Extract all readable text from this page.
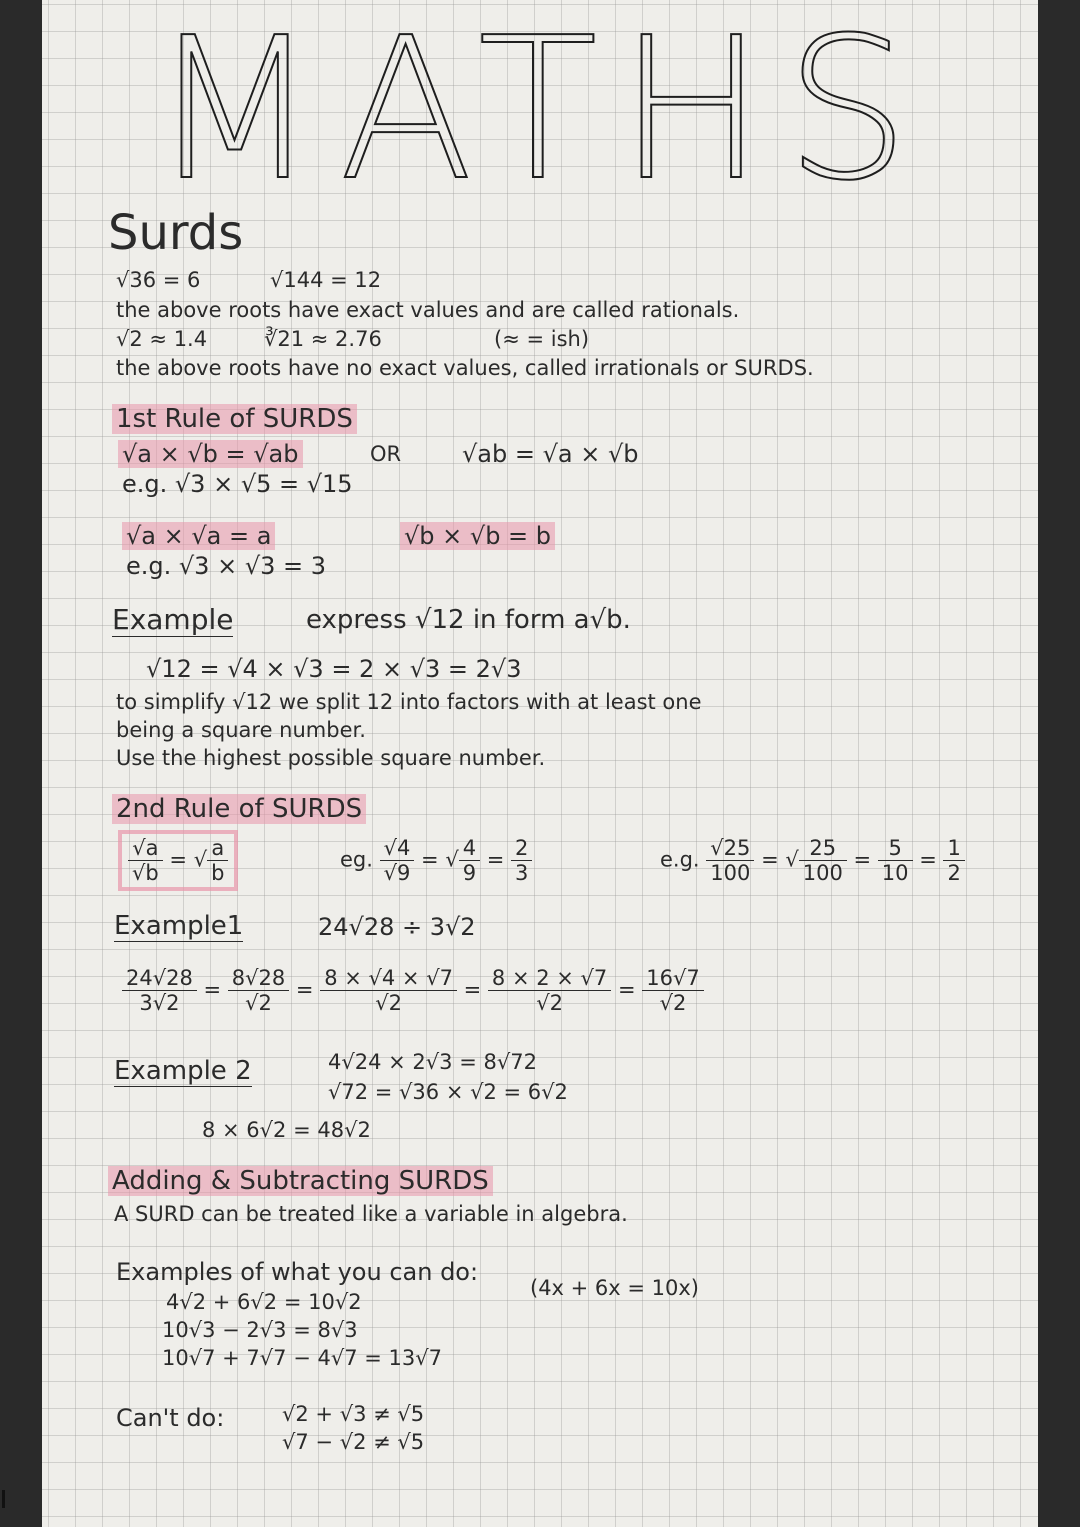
MATHS
Surds
√36 = 6	√144 = 12
the above roots have exact values and are called rationals.
√2 ≈ 1.4	∛21 ≈ 2.76	(≈ = ish)
the above roots have no exact values, called irrationals or SURDS.
1st Rule of SURDS
√a × √b = √ab	OR	√ab = √a × √b
e.g. √3 × √5 = √15
√a × √a = a	√b × √b = b
e.g. √3 × √3 = 3
Example	express √12 in form a√b.
√12 = √4 × √3 = 2 × √3 = 2√3
to simplify √12 we split 12 into factors with at least one
being a square number.
Use the highest possible square number.
2nd Rule of SURDS
$\frac{√a}{√b}$ = √ $\frac{a}{b}$	eg. $\frac{√4}{√9}$ = √ $\frac{4}{9} = \frac{2}{3}$	e.g. $\frac{√25}{100}$ = √ $\frac{25}{100} = \frac{5}{10} = \frac{1}{2}$
Example1	24√28 ÷ 3√2
$\frac{24√28}{3√2} = \frac{8√28}{√2} = \frac{8 \times √4 \times √7}{√2} = \frac{8 \times 2 \times √7}{√2} = \frac{16√7}{√2}$
Example 2	4√24 × 2√3 = 8√72
√72 = √36 × √2 = 6√2
8 × 6√2 = 48√2
Adding & Subtracting SURDS
A SURD can be treated like a variable in algebra.
Examples of what you can do:
4√2 + 6√2 = 10√2
(4x + 6x = 10x)
10√3 − 2√3 = 8√3
10√7 + 7√7 − 4√7 = 13√7
Can't do:	√2 + √3 ≠ √5
√7 − √2 ≠ √5
